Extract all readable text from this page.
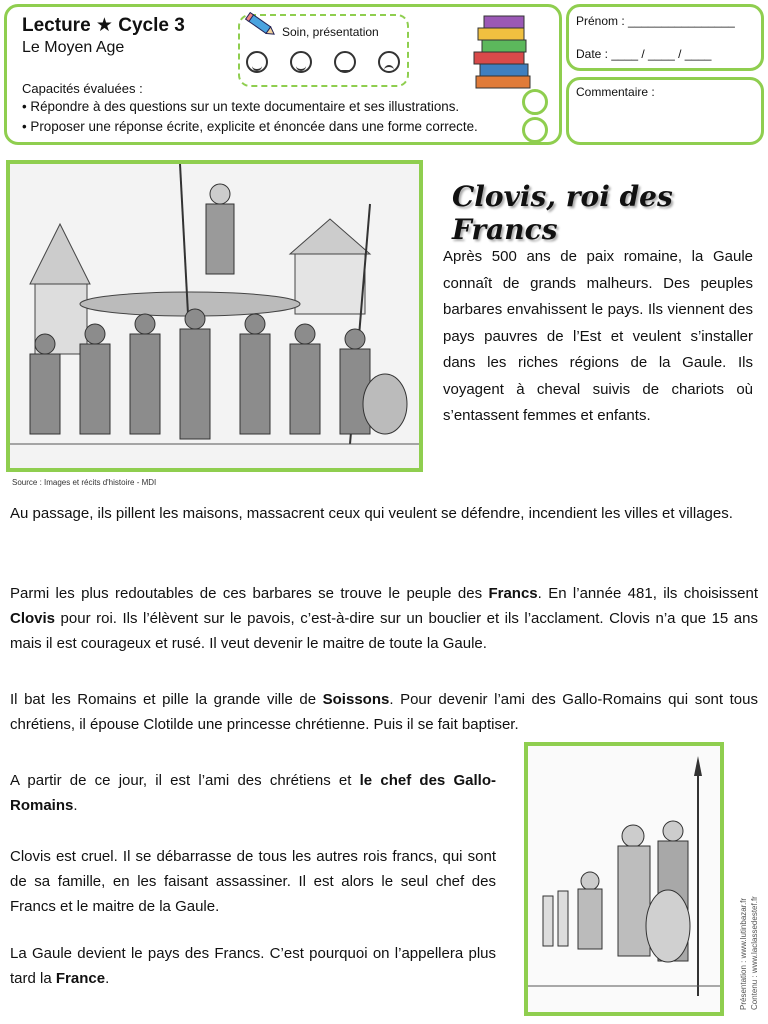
Lecture ★ Cycle 3
Le Moyen Age
Soin, présentation
Capacités évaluées :
• Répondre à des questions sur un texte documentaire et ses illustrations.
• Proposer une réponse écrite, explicite et énoncée dans une forme correcte.
Prénom : ________________
Date : ____ / ____ / ____
Commentaire :
Source : Images et récits d'histoire - MDI
Clovis, roi des Francs
Après 500 ans de paix romaine, la Gaule connaît de grands malheurs. Des peuples barbares envahissent le pays. Ils viennent des pays pauvres de l’Est et veulent s’installer dans les riches régions de la Gaule. Ils voyagent à cheval suivis de chariots où s’entassent femmes et enfants.
Au passage, ils pillent les maisons, massacrent ceux qui veulent se défendre, incendient les villes et villages.
Parmi les plus redoutables de ces barbares se trouve le peuple des Francs. En l’année 481, ils choisissent Clovis pour roi. Ils l’élèvent sur le pavois, c’est-à-dire sur un bouclier et ils l’acclament. Clovis n’a que 15 ans mais il est courageux et rusé. Il veut devenir le maitre de toute la Gaule.
Il bat les Romains et pille la grande ville de Soissons. Pour devenir l’ami des Gallo-Romains qui sont tous chrétiens, il épouse Clotilde une princesse chrétienne. Puis il se fait baptiser.
A partir de ce jour, il est l’ami des chrétiens et le chef des Gallo-Romains.
Clovis est cruel. Il se débarrasse de tous les autres rois francs, qui sont de sa famille, en les faisant assassiner. Il est alors le seul chef des Francs et le maitre de la Gaule.
La Gaule devient le pays des Francs. C’est pourquoi on l’appellera plus tard la France.	Présentation : www.lutinbazar.fr Contenu : www.laclassedestef.fr
